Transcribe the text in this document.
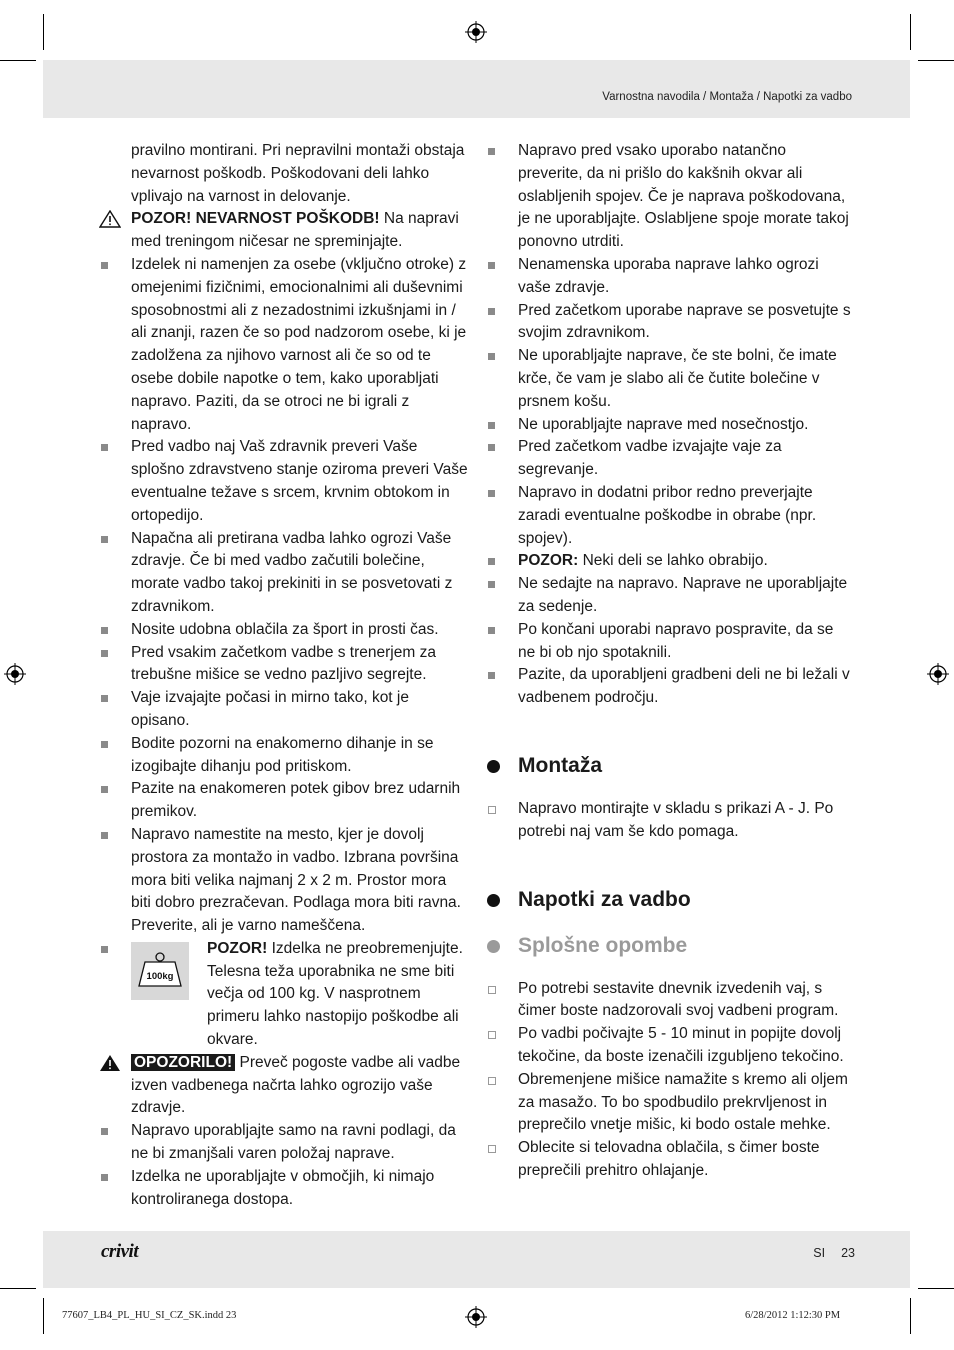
Varnostna navodila / Montaža / Napotki za vadbo

pravilno montirani. Pri nepravilni montaži obstaja nevarnost poškodb. Poškodovani deli lahko vplivajo na varnost in delovanje.

POZOR! NEVARNOST POŠKODB! Na napravi med treningom ničesar ne spreminjajte.
Izdelek ni namenjen za osebe (vključno otroke) z omejenimi fizičnimi, emocionalnimi ali duševnimi sposobnostmi ali z nezadostnimi izkušnjami in / ali znanji, razen če so pod nadzorom osebe, ki je zadolžena za njihovo varnost ali če so od te osebe dobile napotke o tem, kako uporabljati napravo. Paziti, da se otroci ne bi igrali z napravo.
Pred vadbo naj Vaš zdravnik preveri Vaše splošno zdravstveno stanje oziroma preveri Vaše eventualne težave s srcem, krvnim obtokom in ortopedijo.
Napačna ali pretirana vadba lahko ogrozi Vaše zdravje. Če bi med vadbo začutili bolečine, morate vadbo takoj prekiniti in se posvetovati z zdravnikom.
Nosite udobna oblačila za šport in prosti čas.
Pred vsakim začetkom vadbe s trenerjem za trebušne mišice se vedno pazljivo segrejte.
Vaje izvajajte počasi in mirno tako, kot je opisano.
Bodite pozorni na enakomerno dihanje in se izogibajte dihanju pod pritiskom.
Pazite na enakomeren potek gibov brez udarnih premikov.
Napravo namestite na mesto, kjer je dovolj prostora za montažo in vadbo. Izbrana površina mora biti velika najmanj 2 x 2 m. Prostor mora biti dobro prezračevan. Podlaga mora biti ravna. Preverite, ali je varno nameščena.
100kg
POZOR! Izdelka ne preobremenjujte. Telesna teža uporabnika ne sme biti večja od 100 kg. V nasprotnem primeru lahko nastopijo poškodbe ali okvare.
OPOZORILO! Preveč pogoste vadbe ali vadbe izven vadbenega načrta lahko ogrozijo vaše zdravje.
Napravo uporabljajte samo na ravni podlagi, da ne bi zmanjšali varen položaj naprave.
Izdelka ne uporabljajte v območjih, ki nimajo kontroliranega dostopa.
Napravo pred vsako uporabo natančno preverite, da ni prišlo do kakšnih okvar ali oslabljenih spojev. Če je naprava poškodovana, je ne uporabljajte. Oslabljene spoje morate takoj ponovno utrditi.
Nenamenska uporaba naprave lahko ogrozi vaše zdravje.
Pred začetkom uporabe naprave se posvetujte s svojim zdravnikom.
Ne uporabljajte naprave, če ste bolni, če imate krče, če vam je slabo ali če čutite bolečine v prsnem košu.
Ne uporabljajte naprave med nosečnostjo.
Pred začetkom vadbe izvajajte vaje za segrevanje.
Napravo in dodatni pribor redno preverjajte zaradi eventualne poškodbe in obrabe (npr. spojev).
POZOR: Neki deli se lahko obrabijo.
Ne sedajte na napravo. Naprave ne uporabljajte za sedenje.
Po končani uporabi napravo pospravite, da se ne bi ob njo spotaknili.
Pazite, da uporabljeni gradbeni deli ne bi ležali v vadbenem področju.
Montaža
Napravo montirajte v skladu s prikazi A - J. Po potrebi naj vam še kdo pomaga.
Napotki za vadbo
Splošne opombe
Po potrebi sestavite dnevnik izvedenih vaj, s čimer boste nadzorovali svoj vadbeni program.
Po vadbi počivajte 5 - 10 minut in popijte dovolj tekočine, da boste izenačili izgubljeno tekočino.
Obremenjene mišice namažite s kremo ali oljem za masažo. To bo spodbudilo prekrvljenost in preprečilo vnetje mišic, ki bodo ostale mehke.
Oblecite si telovadna oblačila, s čimer boste preprečili prehitro ohlajanje.
crivit	SI 23
77607_LB4_PL_HU_SI_CZ_SK.indd 23	6/28/2012 1:12:30 PM
